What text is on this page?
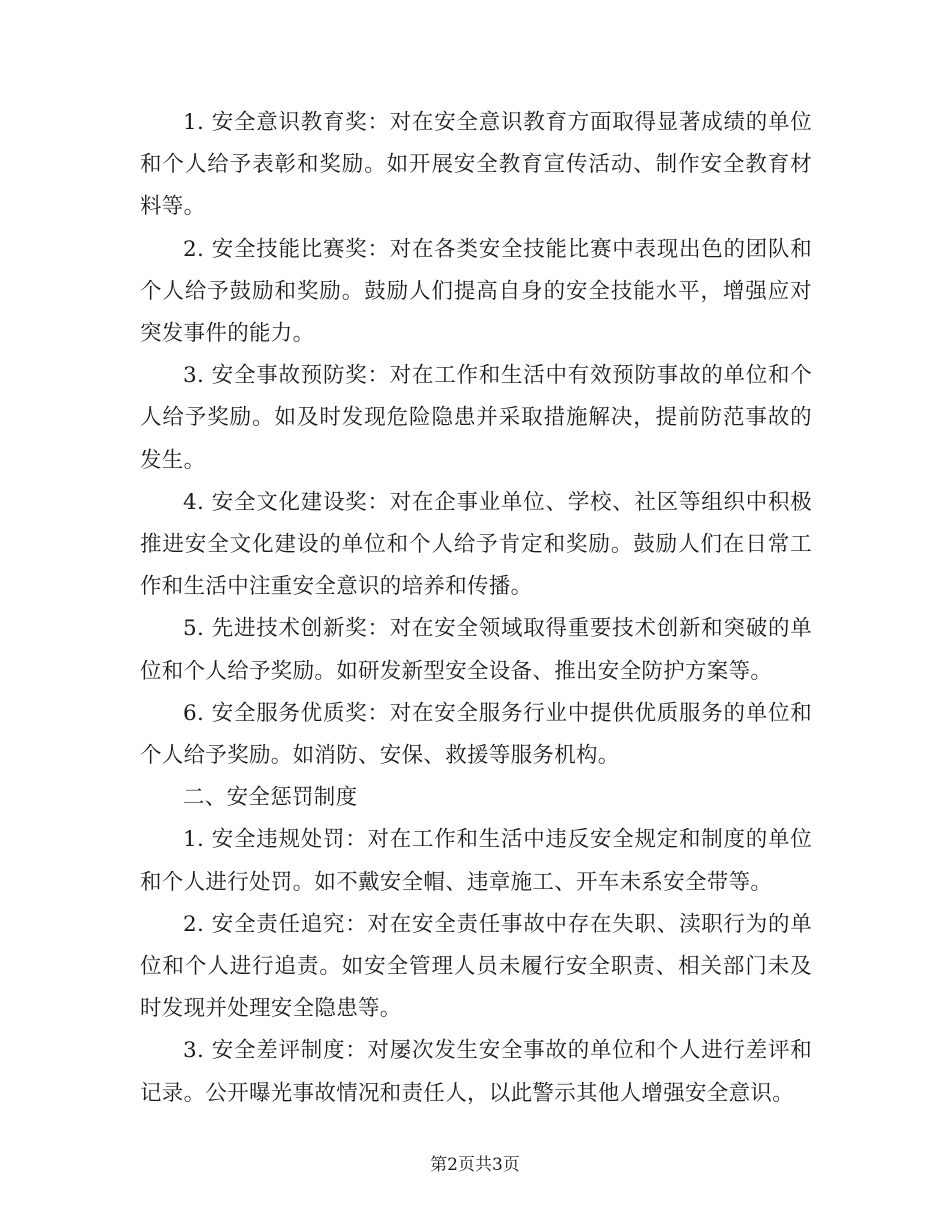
1. 安全意识教育奖：对在安全意识教育方面取得显著成绩的单位和个人给予表彰和奖励。如开展安全教育宣传活动、制作安全教育材料等。

2. 安全技能比赛奖：对在各类安全技能比赛中表现出色的团队和个人给予鼓励和奖励。鼓励人们提高自身的安全技能水平，增强应对突发事件的能力。

3. 安全事故预防奖：对在工作和生活中有效预防事故的单位和个人给予奖励。如及时发现危险隐患并采取措施解决，提前防范事故的发生。

4. 安全文化建设奖：对在企事业单位、学校、社区等组织中积极推进安全文化建设的单位和个人给予肯定和奖励。鼓励人们在日常工作和生活中注重安全意识的培养和传播。

5. 先进技术创新奖：对在安全领域取得重要技术创新和突破的单位和个人给予奖励。如研发新型安全设备、推出安全防护方案等。

6. 安全服务优质奖：对在安全服务行业中提供优质服务的单位和个人给予奖励。如消防、安保、救援等服务机构。

二、安全惩罚制度

1. 安全违规处罚：对在工作和生活中违反安全规定和制度的单位和个人进行处罚。如不戴安全帽、违章施工、开车未系安全带等。

2. 安全责任追究：对在安全责任事故中存在失职、渎职行为的单位和个人进行追责。如安全管理人员未履行安全职责、相关部门未及时发现并处理安全隐患等。

3. 安全差评制度：对屡次发生安全事故的单位和个人进行差评和记录。公开曝光事故情况和责任人，以此警示其他人增强安全意识。

第2页共3页
